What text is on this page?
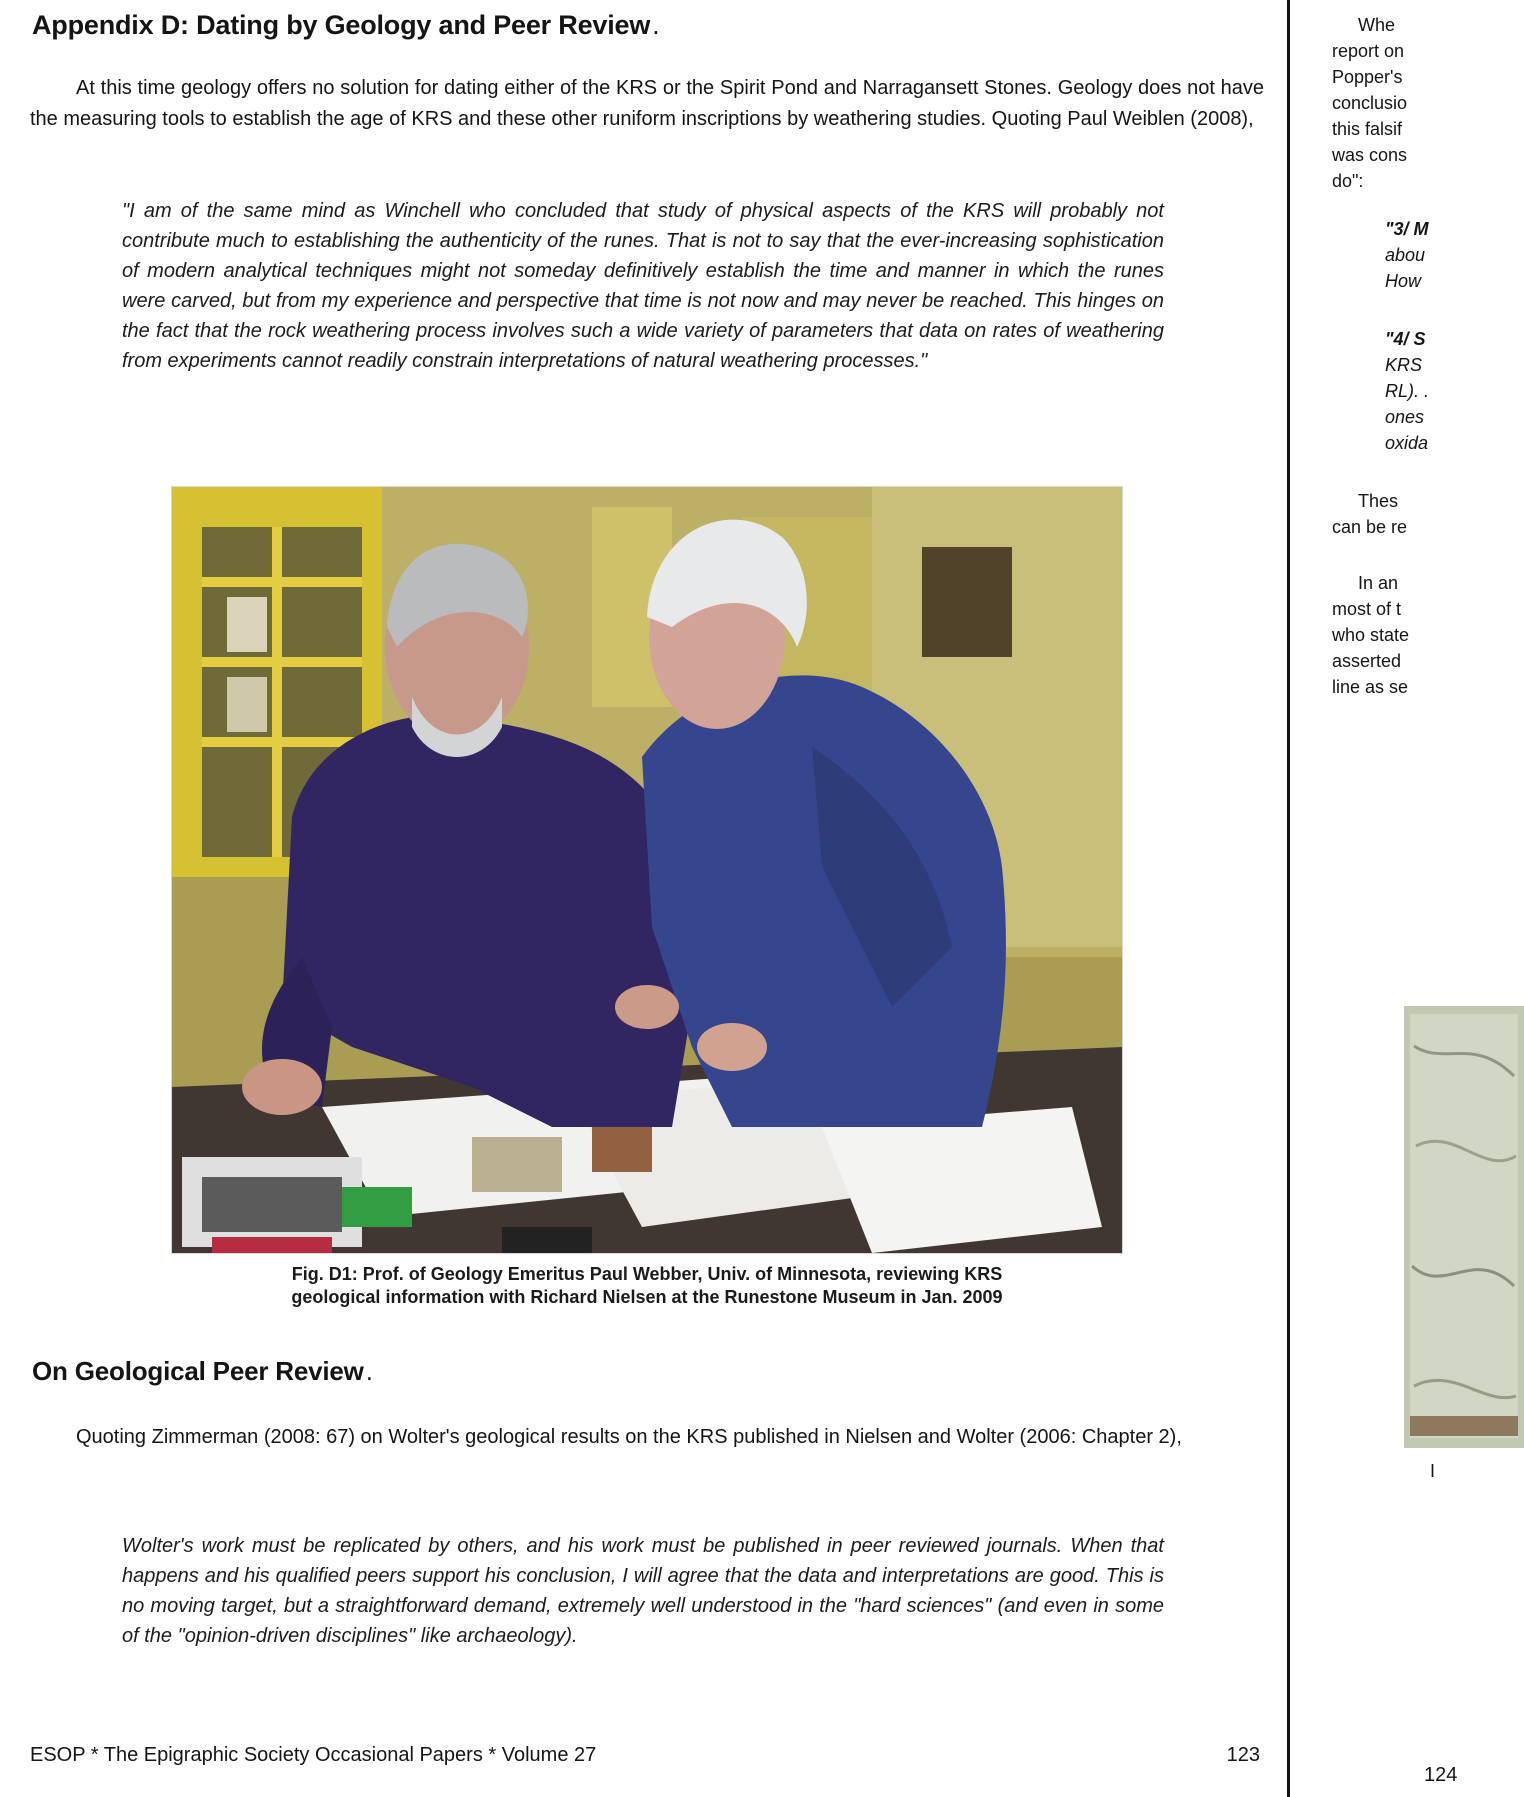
Appendix D: Dating by Geology and Peer Review.

At this time geology offers no solution for dating either of the KRS or the Spirit Pond and Narragansett Stones. Geology does not have the measuring tools to establish the age of KRS and these other runiform inscriptions by weathering studies. Quoting Paul Weiblen (2008),

"I am of the same mind as Winchell who concluded that study of physical aspects of the KRS will probably not contribute much to establishing the authenticity of the runes. That is not to say that the ever-increasing sophistication of modern analytical techniques might not someday definitively establish the time and manner in which the runes were carved, but from my experience and perspective that time is not now and may never be reached. This hinges on the fact that the rock weathering process involves such a wide variety of parameters that data on rates of weathering from experiments cannot readily constrain interpretations of natural weathering processes."

Fig. D1: Prof. of Geology Emeritus Paul Webber, Univ. of Minnesota, reviewing KRS
geological information with Richard Nielsen at the Runestone Museum in Jan. 2009
On Geological Peer Review.

Quoting Zimmerman (2008: 67) on Wolter's geological results on the KRS published in Nielsen and Wolter (2006: Chapter 2),

Wolter's work must be replicated by others, and his work must be published in peer reviewed journals. When that happens and his qualified peers support his conclusion, I will agree that the data and interpretations are good. This is no moving target, but a straightforward demand, extremely well understood in the "hard sciences" (and even in some of the "opinion-driven disciplines" like archaeology).

ESOP * The Epigraphic Society Occasional Papers * Volume 27	123
Whe
report on
Popper's
conclusio
this falsif
was cons
do":
"3/ M
abou
How
"4/ S
KRS
RL). .
ones
oxida
Thes
can be re
In an
most of t
who state
asserted
line as se
I
124
